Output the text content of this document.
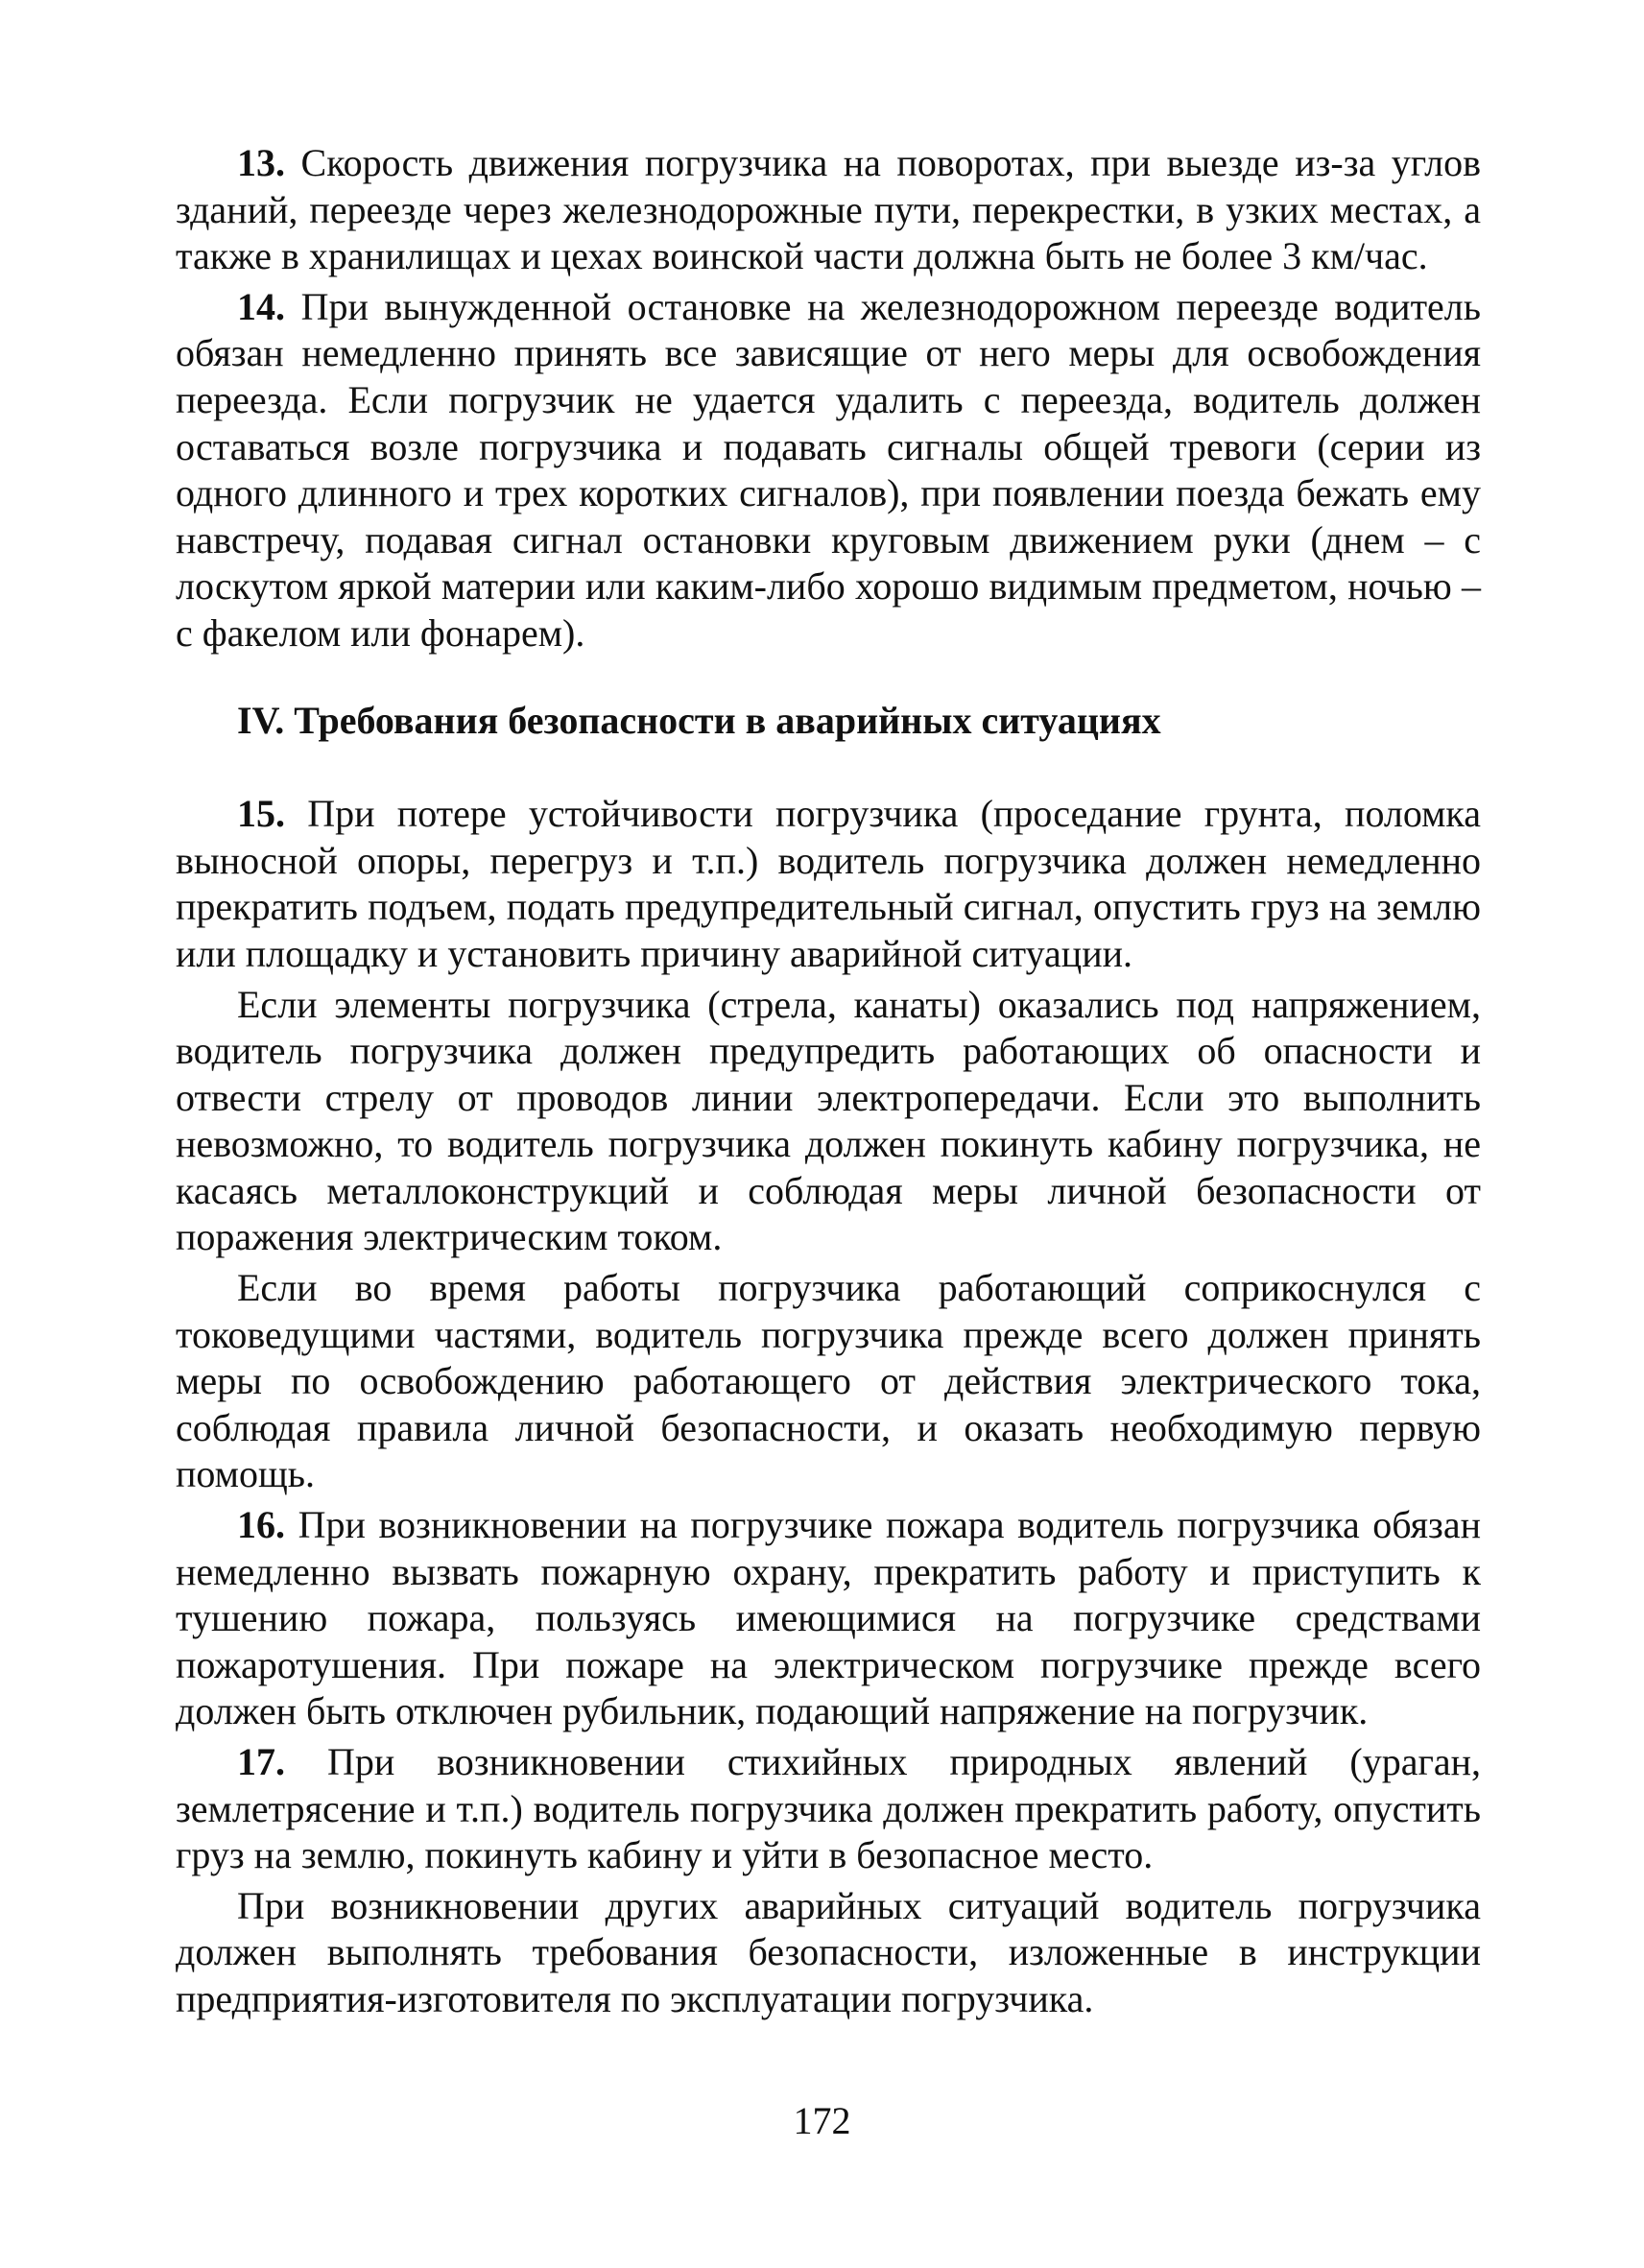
13. Скорость движения погрузчика на поворотах, при выезде из-за углов зданий, переезде через железнодорожные пути, перекрестки, в узких местах, а также в хранилищах и цехах воинской части должна быть не более 3 км/час.

14. При вынужденной остановке на железнодорожном переезде водитель обязан немедленно принять все зависящие от него меры для освобождения переезда. Если погрузчик не удается удалить с переезда, водитель должен оставаться возле погрузчика и подавать сигналы общей тревоги (серии из одного длинного и трех коротких сигналов), при появлении поезда бежать ему навстречу, подавая сигнал остановки круговым движением руки (днем – с лоскутом яркой материи или каким-либо хорошо видимым предметом, ночью – с факелом или фонарем).

IV. Требования безопасности в аварийных ситуациях

15. При потере устойчивости погрузчика (проседание грунта, поломка выносной опоры, перегруз и т.п.) водитель погрузчика должен немедленно прекратить подъем, подать предупредительный сигнал, опустить груз на землю или площадку и установить причину аварийной ситуации.

Если элементы погрузчика (стрела, канаты) оказались под напряжением, водитель погрузчика должен предупредить работающих об опасности и отвести стрелу от проводов линии электропередачи. Если это выполнить невозможно, то водитель погрузчика должен покинуть кабину погрузчика, не касаясь металлоконструкций и соблюдая меры личной безопасности от поражения электрическим током.

Если во время работы погрузчика работающий соприкоснулся с токоведущими частями, водитель погрузчика прежде всего должен принять меры по освобождению работающего от действия электрического тока, соблюдая правила личной безопасности, и оказать необходимую первую помощь.

16. При возникновении на погрузчике пожара водитель погрузчика обязан немедленно вызвать пожарную охрану, прекратить работу и приступить к тушению пожара, пользуясь имеющимися на погрузчике средствами пожаротушения. При пожаре на электрическом погрузчике прежде всего должен быть отключен рубильник, подающий напряжение на погрузчик.

17. При возникновении стихийных природных явлений (ураган, землетрясение и т.п.) водитель погрузчика должен прекратить работу, опустить груз на землю, покинуть кабину и уйти в безопасное место.

При возникновении других аварийных ситуаций водитель погрузчика должен выполнять требования безопасности, изложенные в инструкции предприятия-изготовителя по эксплуатации погрузчика.

172
